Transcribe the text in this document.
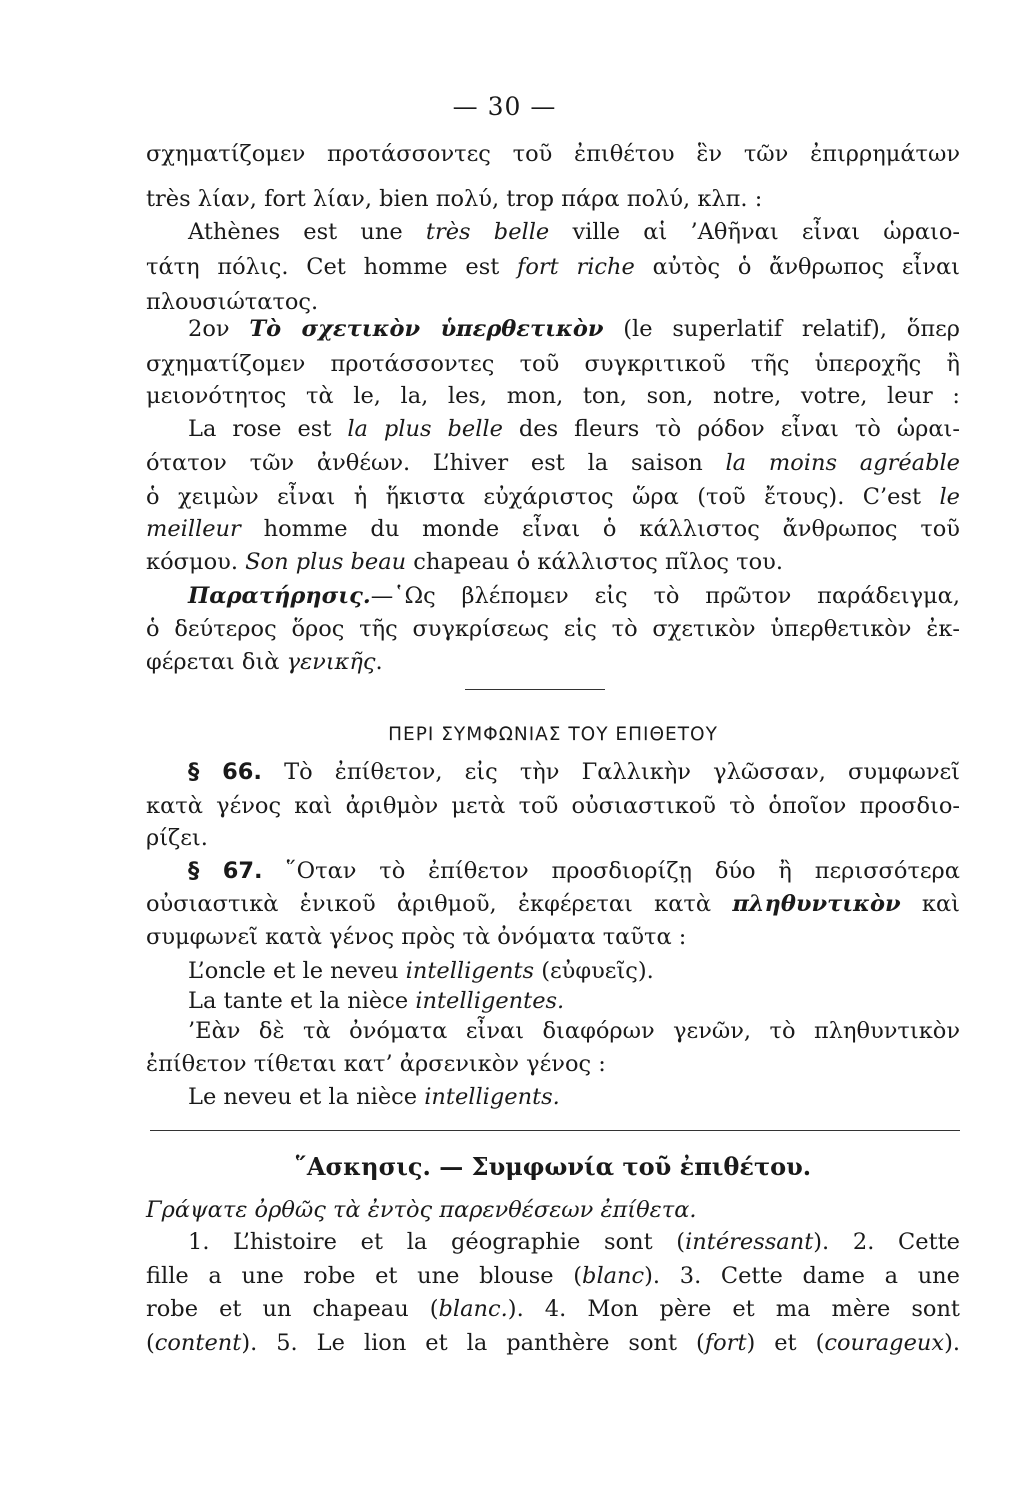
— 30 —
σχηματίζομεν προτάσσοντες τοῦ ἐπιθέτου ἓν τῶν ἐπιρρημάτων
très λίαν, fort λίαν, bien πολύ, trop πάρα πολύ, κλπ. :
Athènes est une très belle ville αἱ ’Αθῆναι εἶναι ὡραιο-
τάτη πόλις. Cet homme est fort riche αὐτὸς ὁ ἄνθρωπος εἶναι
πλουσιώτατος.
2ον Τὸ σχετικὸν ὑπερθετικὸν (le superlatif relatif), ὅπερ
σχηματίζομεν προτάσσοντες τοῦ συγκριτικοῦ τῆς ὑπεροχῆς ἢ
μειονότητος τὰ le, la, les, mon, ton, son, notre, votre, leur :
La rose est la plus belle des fleurs τὸ ρόδον εἶναι τὸ ὡραι-
ότατον τῶν ἀνθέων. L’hiver est la saison la moins agréable
ὁ χειμὼν εἶναι ἡ ἥκιστα εὐχάριστος ὥρα (τοῦ ἔτους). C’est le
meilleur homme du monde εἶναι ὁ κάλλιστος ἄνθρωπος τοῦ
κόσμου. Son plus beau chapeau ὁ κάλλιστος πῖλος του.
Παρατήρησις.—῾Ως βλέπομεν εἰς τὸ πρῶτον παράδειγμα,
ὁ δεύτερος ὅρος τῆς συγκρίσεως εἰς τὸ σχετικὸν ὑπερθετικὸν ἐκ-
φέρεται διὰ γενικῆς.
ΠΕΡΙ ΣΥΜΦΩΝΙΑΣ ΤΟΥ ΕΠΙΘΕΤΟΥ
§ 66. Τὸ ἐπίθετον, εἰς τὴν Γαλλικὴν γλῶσσαν, συμφωνεῖ
κατὰ γένος καὶ ἀριθμὸν μετὰ τοῦ οὐσιαστικοῦ τὸ ὁποῖον προσδιο-
ρίζει.
§ 67. ῞Οταν τὸ ἐπίθετον προσδιορίζῃ δύο ἢ περισσότερα
οὐσιαστικὰ ἑνικοῦ ἀριθμοῦ, ἐκφέρεται κατὰ πληθυντικὸν καὶ
συμφωνεῖ κατὰ γένος πρὸς τὰ ὀνόματα ταῦτα :
L’oncle et le neveu intelligents (εὐφυεῖς).
La tante et la nièce intelligentes.
’Εὰν δὲ τὰ ὀνόματα εἶναι διαφόρων γενῶν, τὸ πληθυντικὸν
ἐπίθετον τίθεται κατ’ ἀρσενικὸν γένος :
Le neveu et la nièce intelligents.
῞Ασκησις. — Συμφωνία τοῦ ἐπιθέτου.
Γράψατε ὀρθῶς τὰ ἐντὸς παρενθέσεων ἐπίθετα.
1. L’histoire et la géographie sont (intéressant). 2. Cette
fille a une robe et une blouse (blanc). 3. Cette dame a une
robe et un chapeau (blanc.). 4. Mon père et ma mère sont
(content). 5. Le lion et la panthère sont (fort) et (courageux).
